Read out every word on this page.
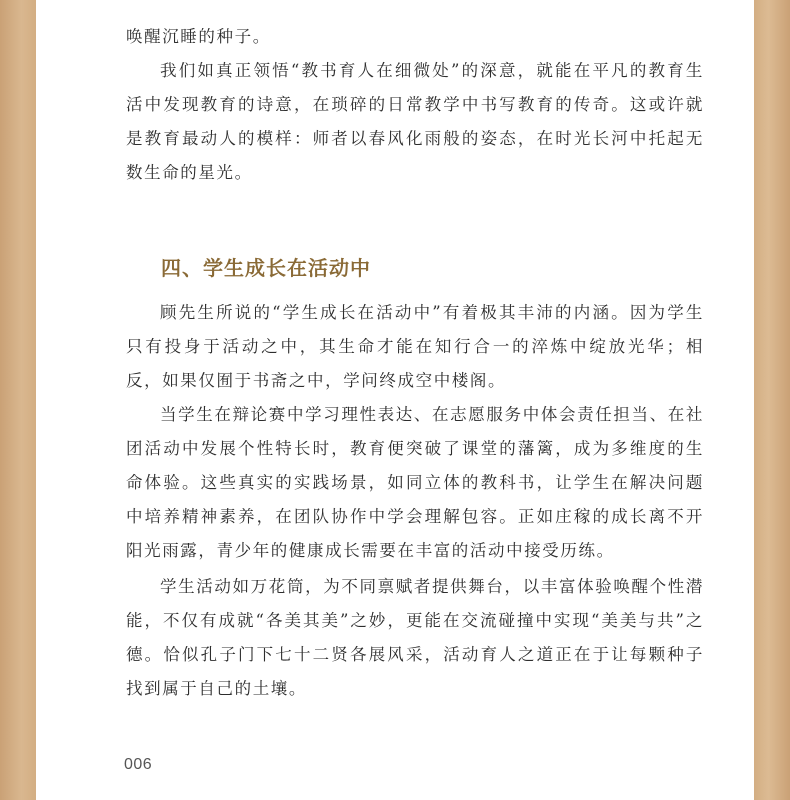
唤醒沉睡的种子。

我们如真正领悟“教书育人在细微处”的深意，就能在平凡的教育生活中发现教育的诗意，在琐碎的日常教学中书写教育的传奇。这或许就是教育最动人的模样：师者以春风化雨般的姿态，在时光长河中托起无数生命的星光。

四、学生成长在活动中

顾先生所说的“学生成长在活动中”有着极其丰沛的内涵。因为学生只有投身于活动之中，其生命才能在知行合一的淬炼中绽放光华；相反，如果仅囿于书斋之中，学问终成空中楼阁。

当学生在辩论赛中学习理性表达、在志愿服务中体会责任担当、在社团活动中发展个性特长时，教育便突破了课堂的藩篱，成为多维度的生命体验。这些真实的实践场景，如同立体的教科书，让学生在解决问题中培养精神素养，在团队协作中学会理解包容。正如庄稼的成长离不开阳光雨露，青少年的健康成长需要在丰富的活动中接受历练。

学生活动如万花筒，为不同禀赋者提供舞台，以丰富体验唤醒个性潜能，不仅有成就“各美其美”之妙，更能在交流碰撞中实现“美美与共”之德。恰似孔子门下七十二贤各展风采，活动育人之道正在于让每颗种子找到属于自己的土壤。

006
